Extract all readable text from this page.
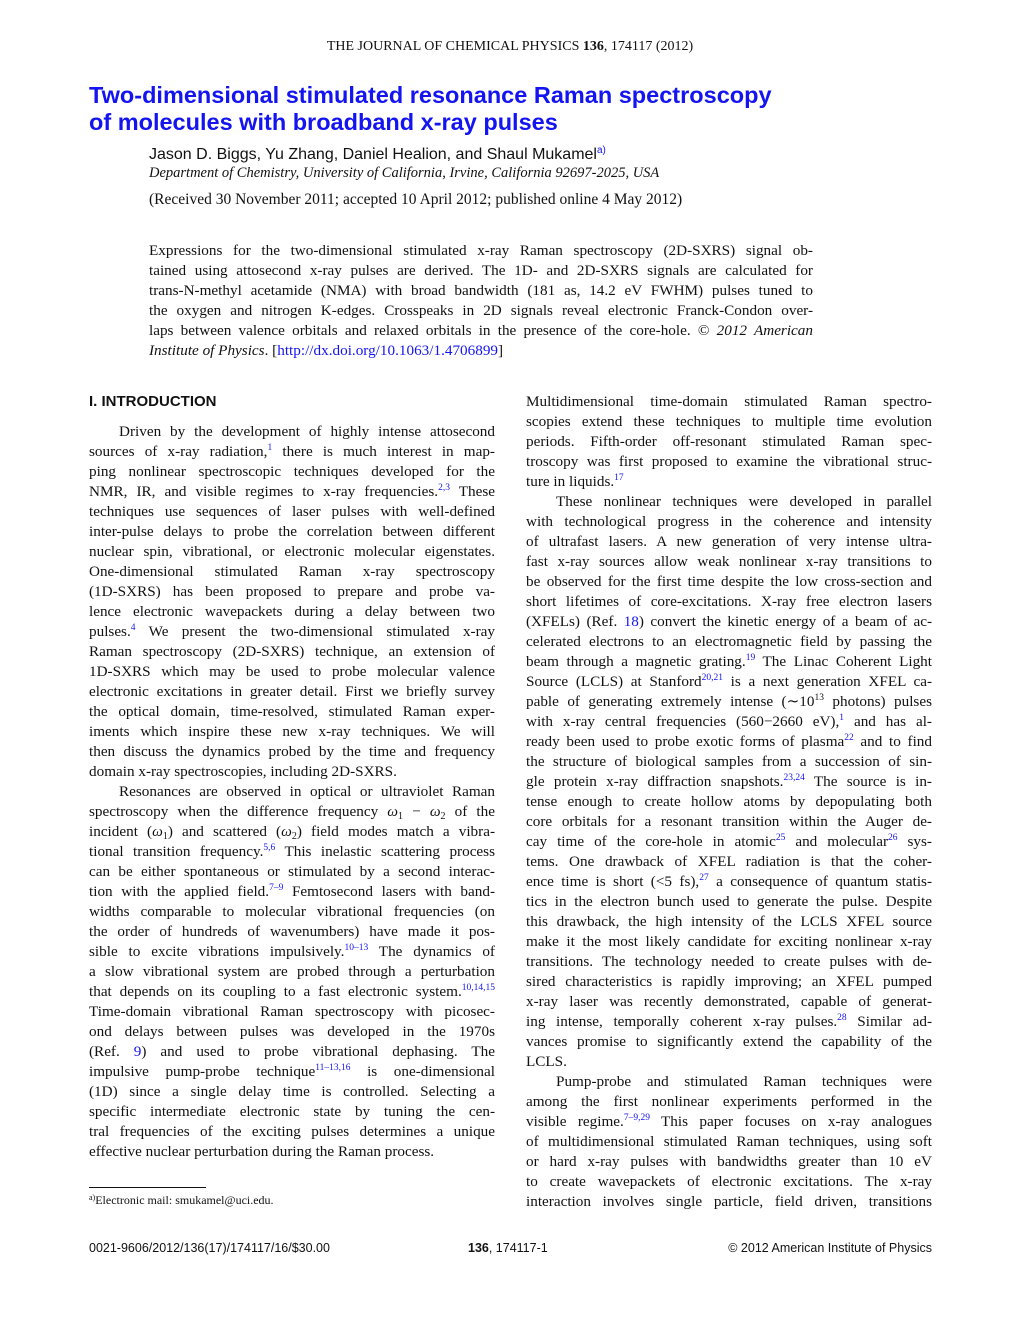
THE JOURNAL OF CHEMICAL PHYSICS 136, 174117 (2012)
Two-dimensional stimulated resonance Raman spectroscopy
of molecules with broadband x-ray pulses
Jason D. Biggs, Yu Zhang, Daniel Healion, and Shaul Mukamel$^{a)}$
Department of Chemistry, University of California, Irvine, California 92697-2025, USA
(Received 30 November 2011; accepted 10 April 2012; published online 4 May 2012)
Expressions for the two-dimensional stimulated x-ray Raman spectroscopy (2D-SXRS) signal ob-
tained using attosecond x-ray pulses are derived. The 1D- and 2D-SXRS signals are calculated for
trans-N-methyl acetamide (NMA) with broad bandwidth (181 as, 14.2 eV FWHM) pulses tuned to
the oxygen and nitrogen K-edges. Crosspeaks in 2D signals reveal electronic Franck-Condon over-
laps between valence orbitals and relaxed orbitals in the presence of the core-hole. © 2012 American
Institute of Physics. [http://dx.doi.org/10.1063/1.4706899]
I. INTRODUCTION
Driven by the development of highly intense attosecond
sources of x-ray radiation,$^1$ there is much interest in map-
ping nonlinear spectroscopic techniques developed for the
NMR, IR, and visible regimes to x-ray frequencies.$^{2,3}$ These
techniques use sequences of laser pulses with well-defined
inter-pulse delays to probe the correlation between different
nuclear spin, vibrational, or electronic molecular eigenstates.
One-dimensional stimulated Raman x-ray spectroscopy
(1D-SXRS) has been proposed to prepare and probe va-
lence electronic wavepackets during a delay between two
pulses.$^4$ We present the two-dimensional stimulated x-ray
Raman spectroscopy (2D-SXRS) technique, an extension of
1D-SXRS which may be used to probe molecular valence
electronic excitations in greater detail. First we briefly survey
the optical domain, time-resolved, stimulated Raman exper-
iments which inspire these new x-ray techniques. We will
then discuss the dynamics probed by the time and frequency
domain x-ray spectroscopies, including 2D-SXRS.
Resonances are observed in optical or ultraviolet Raman
spectroscopy when the difference frequency $\omega_1 - \omega_2$ of the
incident $(\omega_1)$ and scattered $(\omega_2)$ field modes match a vibra-
tional transition frequency.$^{5,6}$ This inelastic scattering process
can be either spontaneous or stimulated by a second interac-
tion with the applied field.$^{7-9}$ Femtosecond lasers with band-
widths comparable to molecular vibrational frequencies (on
the order of hundreds of wavenumbers) have made it pos-
sible to excite vibrations impulsively.$^{10-13}$ The dynamics of
a slow vibrational system are probed through a perturbation
that depends on its coupling to a fast electronic system.$^{10,14,15}$
Time-domain vibrational Raman spectroscopy with picosec-
ond delays between pulses was developed in the 1970s
(Ref. 9) and used to probe vibrational dephasing. The
impulsive pump-probe technique$^{11-13,16}$ is one-dimensional
(1D) since a single delay time is controlled. Selecting a
specific intermediate electronic state by tuning the cen-
tral frequencies of the exciting pulses determines a unique
effective nuclear perturbation during the Raman process.
Multidimensional time-domain stimulated Raman spectro-
scopies extend these techniques to multiple time evolution
periods. Fifth-order off-resonant stimulated Raman spec-
troscopy was first proposed to examine the vibrational struc-
ture in liquids.$^{17}$
These nonlinear techniques were developed in parallel
with technological progress in the coherence and intensity
of ultrafast lasers. A new generation of very intense ultra-
fast x-ray sources allow weak nonlinear x-ray transitions to
be observed for the first time despite the low cross-section and
short lifetimes of core-excitations. X-ray free electron lasers
(XFELs) (Ref. 18) convert the kinetic energy of a beam of ac-
celerated electrons to an electromagnetic field by passing the
beam through a magnetic grating.$^{19}$ The Linac Coherent Light
Source (LCLS) at Stanford$^{20,21}$ is a next generation XFEL ca-
pable of generating extremely intense ($\sim 10^{13}$ photons) pulses
with x-ray central frequencies (560−2660 eV),$^1$ and has al-
ready been used to probe exotic forms of plasma$^{22}$ and to find
the structure of biological samples from a succession of sin-
gle protein x-ray diffraction snapshots.$^{23,24}$ The source is in-
tense enough to create hollow atoms by depopulating both
core orbitals for a resonant transition within the Auger de-
cay time of the core-hole in atomic$^{25}$ and molecular$^{26}$ sys-
tems. One drawback of XFEL radiation is that the coher-
ence time is short (<5 fs),$^{27}$ a consequence of quantum statis-
tics in the electron bunch used to generate the pulse. Despite
this drawback, the high intensity of the LCLS XFEL source
make it the most likely candidate for exciting nonlinear x-ray
transitions. The technology needed to create pulses with de-
sired characteristics is rapidly improving; an XFEL pumped
x-ray laser was recently demonstrated, capable of generat-
ing intense, temporally coherent x-ray pulses.$^{28}$ Similar ad-
vances promise to significantly extend the capability of the
LCLS.
Pump-probe and stimulated Raman techniques were
among the first nonlinear experiments performed in the
visible regime.$^{7-9,29}$ This paper focuses on x-ray analogues
of multidimensional stimulated Raman techniques, using soft
or hard x-ray pulses with bandwidths greater than 10 eV
to create wavepackets of electronic excitations. The x-ray
interaction involves single particle, field driven, transitions
$^{a)}$Electronic mail: smukamel@uci.edu.
0021-9606/2012/136(17)/174117/16/$30.00	136, 174117-1	© 2012 American Institute of Physics
